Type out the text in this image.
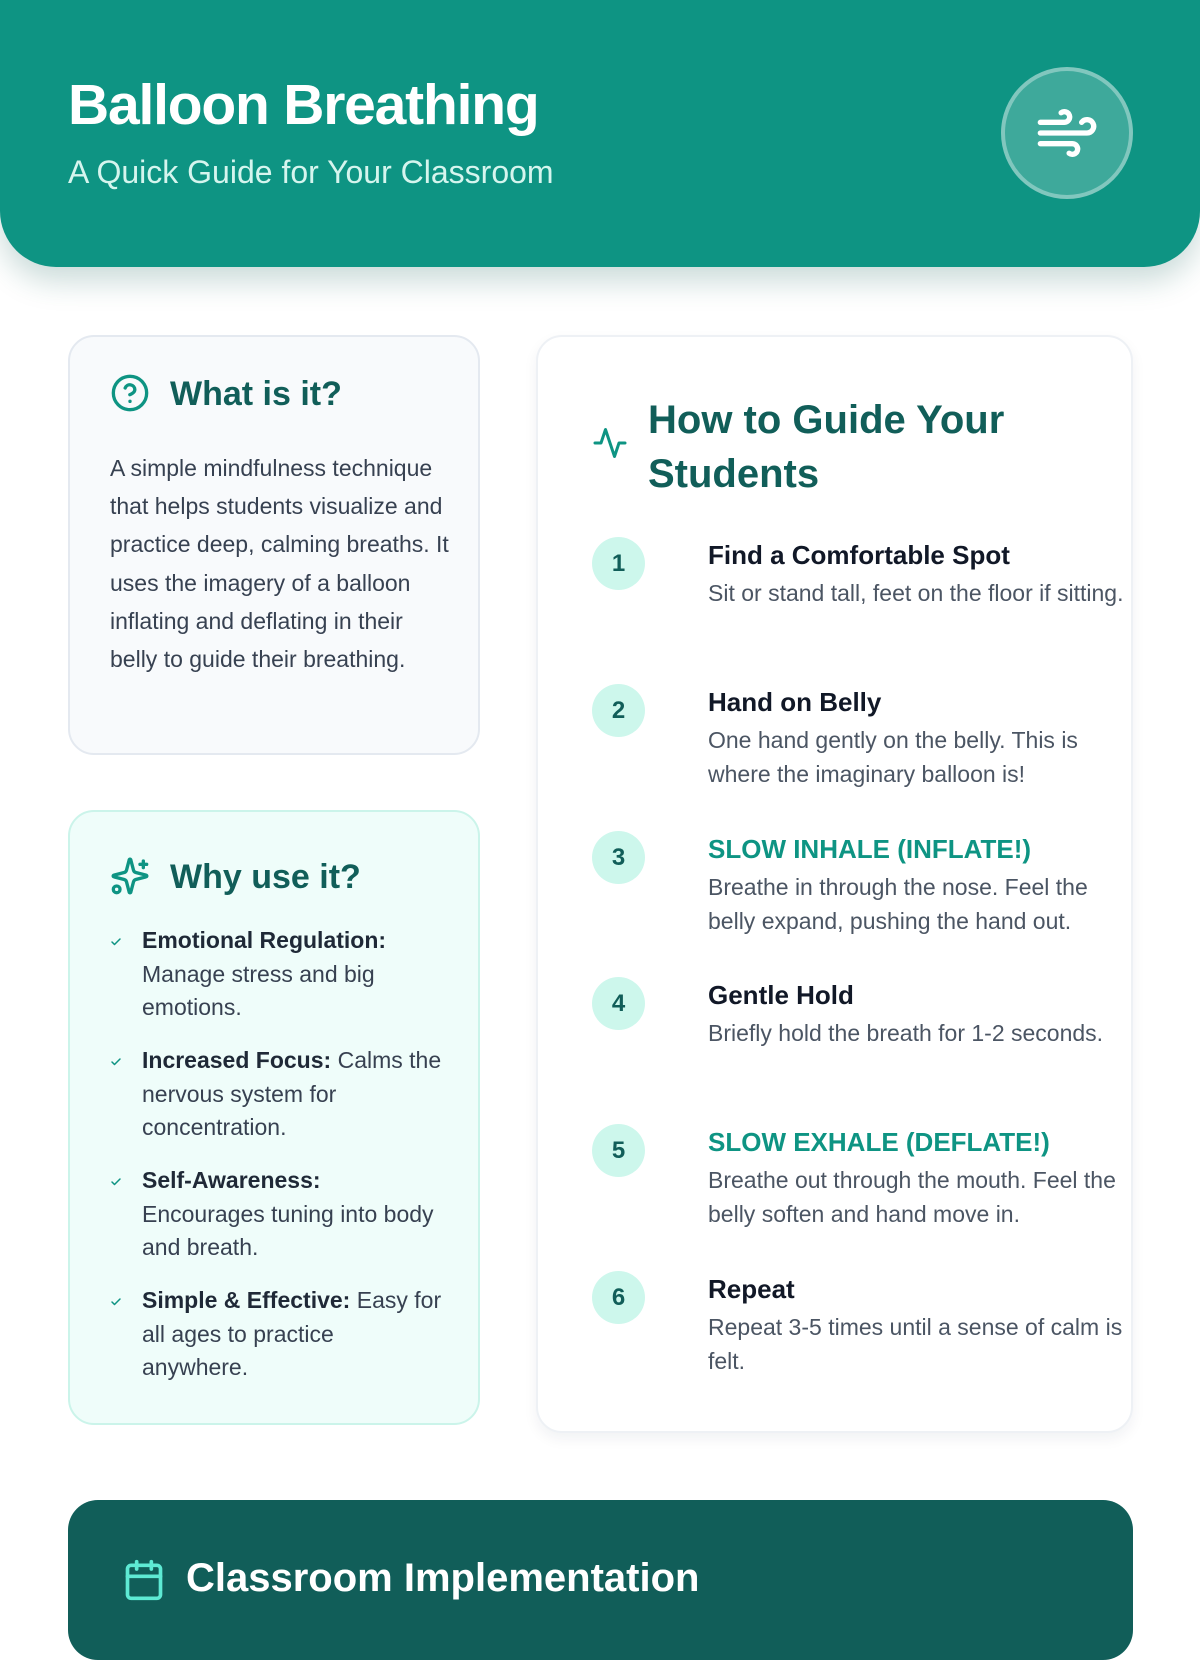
Balloon Breathing
A Quick Guide for Your Classroom
What is it?

A simple mindfulness technique that helps students visualize and practice deep, calming breaths. It uses the imagery of a balloon inflating and deflating in their belly to guide their breathing.

Why use it?
Emotional Regulation: Manage stress and big emotions.
Increased Focus: Calms the nervous system for concentration.
Self-Awareness: Encourages tuning into body and breath.
Simple & Effective: Easy for all ages to practice anywhere.
How to Guide Your
Students
1	Find a Comfortable Spot
Sit or stand tall, feet on the floor if sitting.
2	Hand on Belly
One hand gently on the belly. This is where the imaginary balloon is!
3	SLOW INHALE (INFLATE!)
Breathe in through the nose. Feel the belly expand, pushing the hand out.
4	Gentle Hold
Briefly hold the breath for 1-2 seconds.
5	SLOW EXHALE (DEFLATE!)
Breathe out through the mouth. Feel the belly soften and hand move in.
6	Repeat
Repeat 3-5 times until a sense of calm is felt.
Classroom Implementation
